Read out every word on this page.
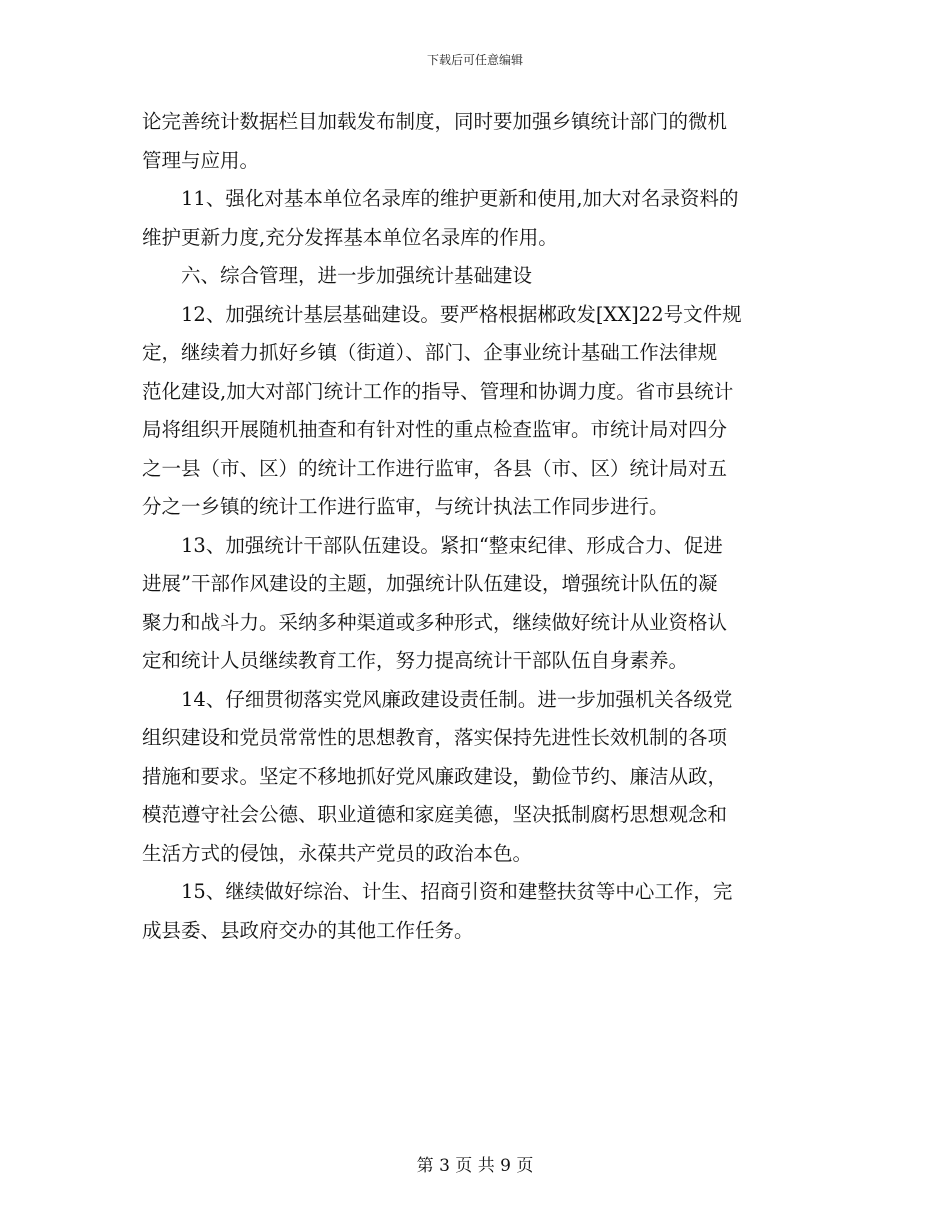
下载后可任意编辑

论完善统计数据栏目加载发布制度，同时要加强乡镇统计部门的微机
管理与应用。

11、强化对基本单位名录库的维护更新和使用,加大对名录资料的
维护更新力度,充分发挥基本单位名录库的作用。

六、综合管理，进一步加强统计基础建设

12、加强统计基层基础建设。要严格根据郴政发[XX]22号文件规
定，继续着力抓好乡镇（街道）、部门、企事业统计基础工作法律规
范化建设,加大对部门统计工作的指导、管理和协调力度。省市县统计
局将组织开展随机抽查和有针对性的重点检查监审。市统计局对四分
之一县（市、区）的统计工作进行监审，各县（市、区）统计局对五
分之一乡镇的统计工作进行监审，与统计执法工作同步进行。

13、加强统计干部队伍建设。紧扣“整束纪律、形成合力、促进
进展”干部作风建设的主题，加强统计队伍建设，增强统计队伍的凝
聚力和战斗力。采纳多种渠道或多种形式，继续做好统计从业资格认
定和统计人员继续教育工作，努力提高统计干部队伍自身素养。

14、仔细贯彻落实党风廉政建设责任制。进一步加强机关各级党
组织建设和党员常常性的思想教育，落实保持先进性长效机制的各项
措施和要求。坚定不移地抓好党风廉政建设，勤俭节约、廉洁从政，
模范遵守社会公德、职业道德和家庭美德，坚决抵制腐朽思想观念和
生活方式的侵蚀，永葆共产党员的政治本色。

15、继续做好综治、计生、招商引资和建整扶贫等中心工作，完
成县委、县政府交办的其他工作任务。

第 3 页 共 9 页
